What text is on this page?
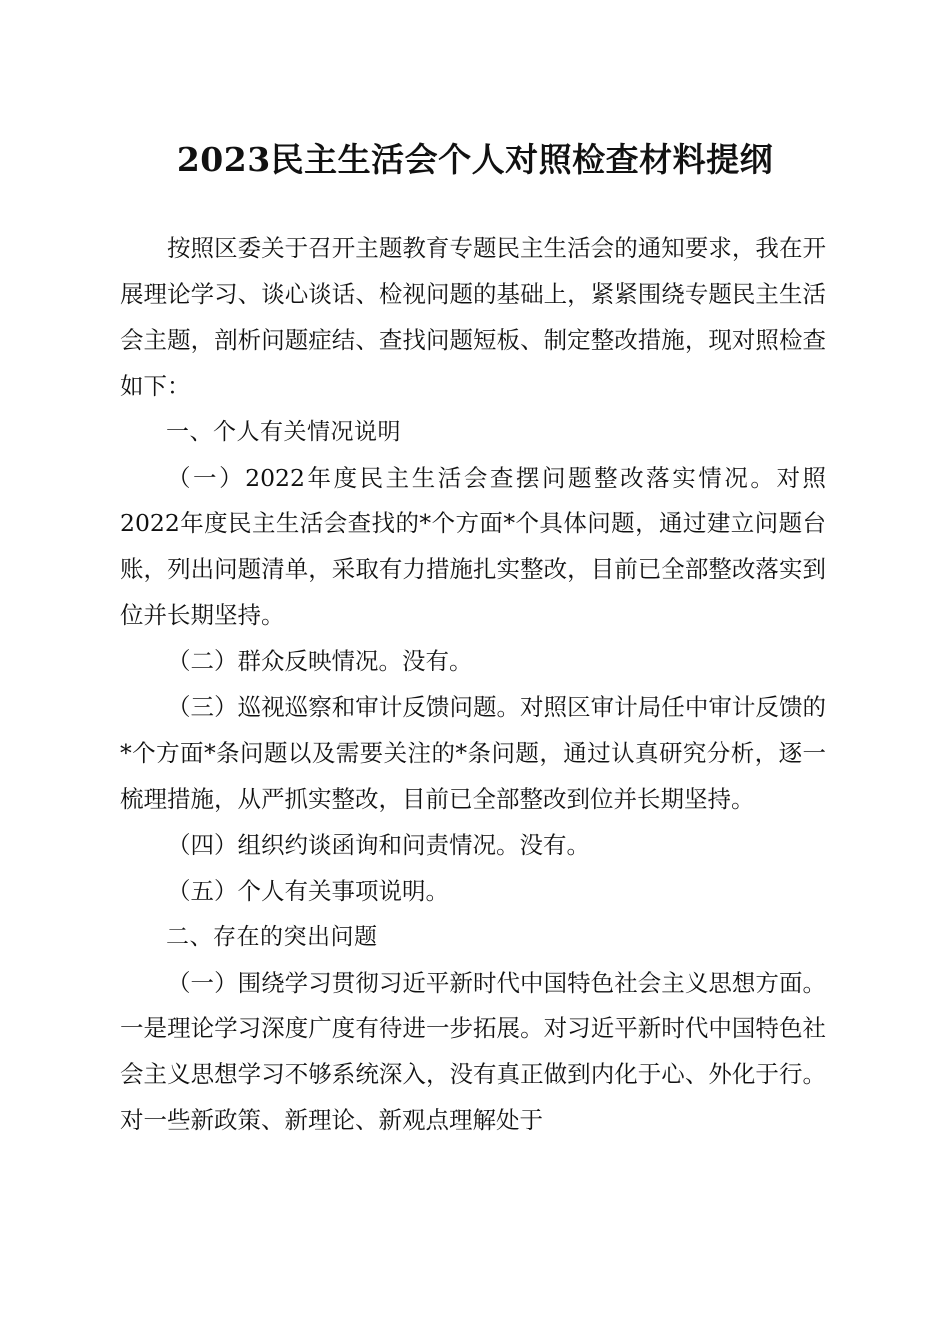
2023民主生活会个人对照检查材料提纲

按照区委关于召开主题教育专题民主生活会的通知要求，我在开展理论学习、谈心谈话、检视问题的基础上，紧紧围绕专题民主生活会主题，剖析问题症结、查找问题短板、制定整改措施，现对照检查如下：

一、个人有关情况说明

（一）2022年度民主生活会查摆问题整改落实情况。对照2022年度民主生活会查找的*个方面*个具体问题，通过建立问题台账，列出问题清单，采取有力措施扎实整改，目前已全部整改落实到位并长期坚持。

（二）群众反映情况。没有。

（三）巡视巡察和审计反馈问题。对照区审计局任中审计反馈的*个方面*条问题以及需要关注的*条问题，通过认真研究分析，逐一梳理措施，从严抓实整改，目前已全部整改到位并长期坚持。

（四）组织约谈函询和问责情况。没有。

（五）个人有关事项说明。

二、存在的突出问题

（一）围绕学习贯彻习近平新时代中国特色社会主义思想方面。一是理论学习深度广度有待进一步拓展。对习近平新时代中国特色社会主义思想学习不够系统深入，没有真正做到内化于心、外化于行。对一些新政策、新理论、新观点理解处于
